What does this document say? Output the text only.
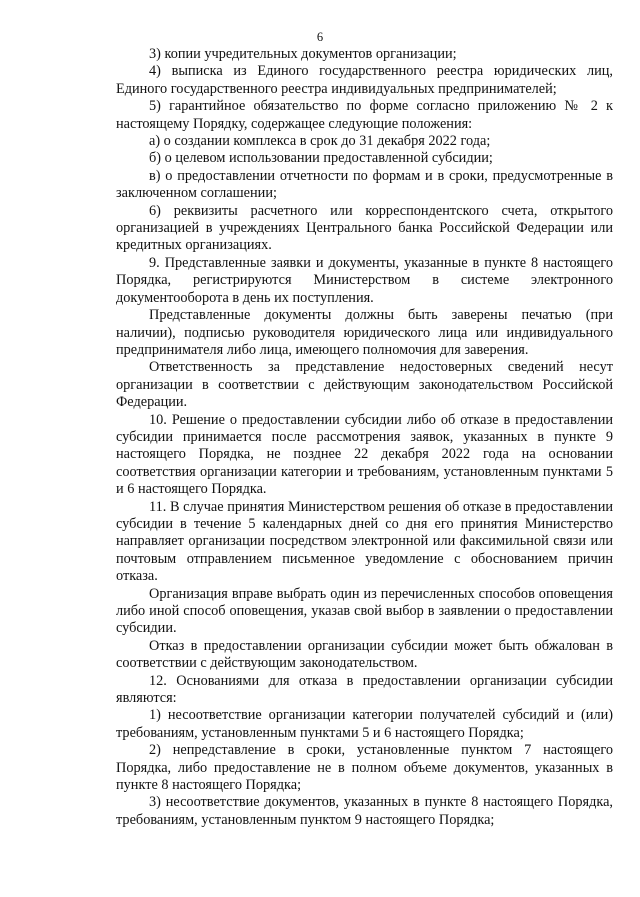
6

3) копии учредительных документов организации;

4) выписка из Единого государственного реестра юридических лиц, Единого государственного реестра индивидуальных предпринимателей;

5) гарантийное обязательство по форме согласно приложению № 2 к настоящему Порядку, содержащее следующие положения:

а) о создании комплекса в срок до 31 декабря 2022 года;

б) о целевом использовании предоставленной субсидии;

в) о предоставлении отчетности по формам и в сроки, предусмотренные в заключенном соглашении;

6) реквизиты расчетного или корреспондентского счета, открытого организацией в учреждениях Центрального банка Российской Федерации или кредитных организациях.

9. Представленные заявки и документы, указанные в пункте 8 настоящего Порядка, регистрируются Министерством в системе электронного документооборота в день их поступления.

Представленные документы должны быть заверены печатью (при наличии), подписью руководителя юридического лица или индивидуального предпринимателя либо лица, имеющего полномочия для заверения.

Ответственность за представление недостоверных сведений несут организации в соответствии с действующим законодательством Российской Федерации.

10. Решение о предоставлении субсидии либо об отказе в предоставлении субсидии принимается после рассмотрения заявок, указанных в пункте 9 настоящего Порядка, не позднее 22 декабря 2022 года на основании соответствия организации категории и требованиям, установленным пунктами 5 и 6 настоящего Порядка.

11. В случае принятия Министерством решения об отказе в предоставлении субсидии в течение 5 календарных дней со дня его принятия Министерство направляет организации посредством электронной или факсимильной связи или почтовым отправлением письменное уведомление с обоснованием причин отказа.

Организация вправе выбрать один из перечисленных способов оповещения либо иной способ оповещения, указав свой выбор в заявлении о предоставлении субсидии.

Отказ в предоставлении организации субсидии может быть обжалован в соответствии с действующим законодательством.

12. Основаниями для отказа в предоставлении организации субсидии являются:

1) несоответствие организации категории получателей субсидий и (или) требованиям, установленным пунктами 5 и 6 настоящего Порядка;

2) непредставление в сроки, установленные пунктом 7 настоящего Порядка, либо предоставление не в полном объеме документов, указанных в пункте 8 настоящего Порядка;

3) несоответствие документов, указанных в пункте 8 настоящего Порядка, требованиям, установленным пунктом 9 настоящего Порядка;
